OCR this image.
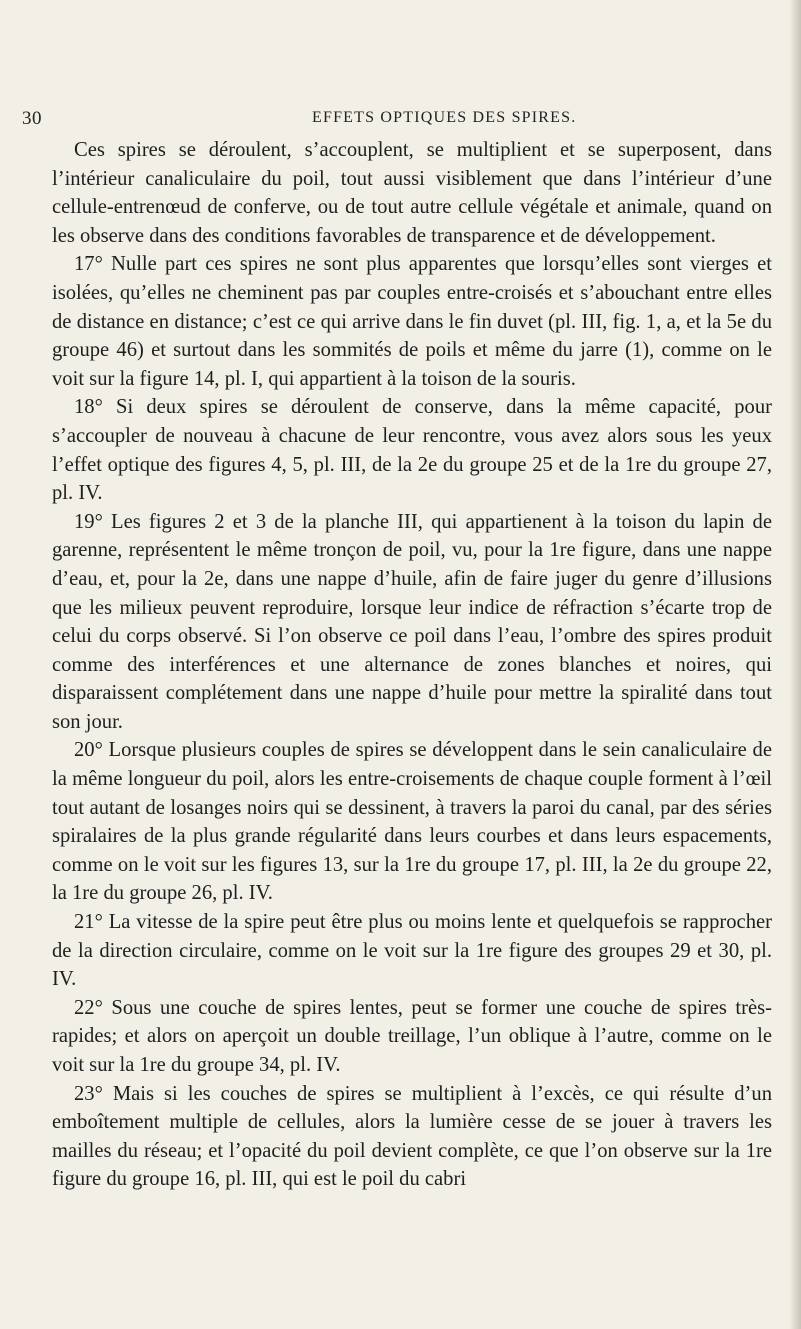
30	EFFETS OPTIQUES DES SPIRES.

Ces spires se déroulent, s’accouplent, se multiplient et se superposent, dans l’intérieur canaliculaire du poil, tout aussi visiblement que dans l’intérieur d’une cellule-entrenœud de conferve, ou de tout autre cellule végétale et animale, quand on les observe dans des conditions favorables de transparence et de développement.

17° Nulle part ces spires ne sont plus apparentes que lorsqu’elles sont vierges et isolées, qu’elles ne cheminent pas par couples entre-croisés et s’abouchant entre elles de distance en distance; c’est ce qui arrive dans le fin duvet (pl. III, fig. 1, a, et la 5e du groupe 46) et surtout dans les sommités de poils et même du jarre (1), comme on le voit sur la figure 14, pl. I, qui appartient à la toison de la souris.

18° Si deux spires se déroulent de conserve, dans la même capacité, pour s’accoupler de nouveau à chacune de leur rencontre, vous avez alors sous les yeux l’effet optique des figures 4, 5, pl. III, de la 2e du groupe 25 et de la 1re du groupe 27, pl. IV.

19° Les figures 2 et 3 de la planche III, qui appartienent à la toison du lapin de garenne, représentent le même tronçon de poil, vu, pour la 1re figure, dans une nappe d’eau, et, pour la 2e, dans une nappe d’huile, afin de faire juger du genre d’illusions que les milieux peuvent reproduire, lorsque leur indice de réfraction s’écarte trop de celui du corps observé. Si l’on observe ce poil dans l’eau, l’ombre des spires produit comme des interférences et une alternance de zones blanches et noires, qui disparaissent complétement dans une nappe d’huile pour mettre la spiralité dans tout son jour.

20° Lorsque plusieurs couples de spires se développent dans le sein canaliculaire de la même longueur du poil, alors les entre-croisements de chaque couple forment à l’œil tout autant de losanges noirs qui se dessinent, à travers la paroi du canal, par des séries spiralaires de la plus grande régularité dans leurs courbes et dans leurs espacements, comme on le voit sur les figures 13, sur la 1re du groupe 17, pl. III, la 2e du groupe 22, la 1re du groupe 26, pl. IV.

21° La vitesse de la spire peut être plus ou moins lente et quelquefois se rapprocher de la direction circulaire, comme on le voit sur la 1re figure des groupes 29 et 30, pl. IV.

22° Sous une couche de spires lentes, peut se former une couche de spires très-rapides; et alors on aperçoit un double treillage, l’un oblique à l’autre, comme on le voit sur la 1re du groupe 34, pl. IV.

23° Mais si les couches de spires se multiplient à l’excès, ce qui résulte d’un emboîtement multiple de cellules, alors la lumière cesse de se jouer à travers les mailles du réseau; et l’opacité du poil devient complète, ce que l’on observe sur la 1re figure du groupe 16, pl. III, qui est le poil du cabri
